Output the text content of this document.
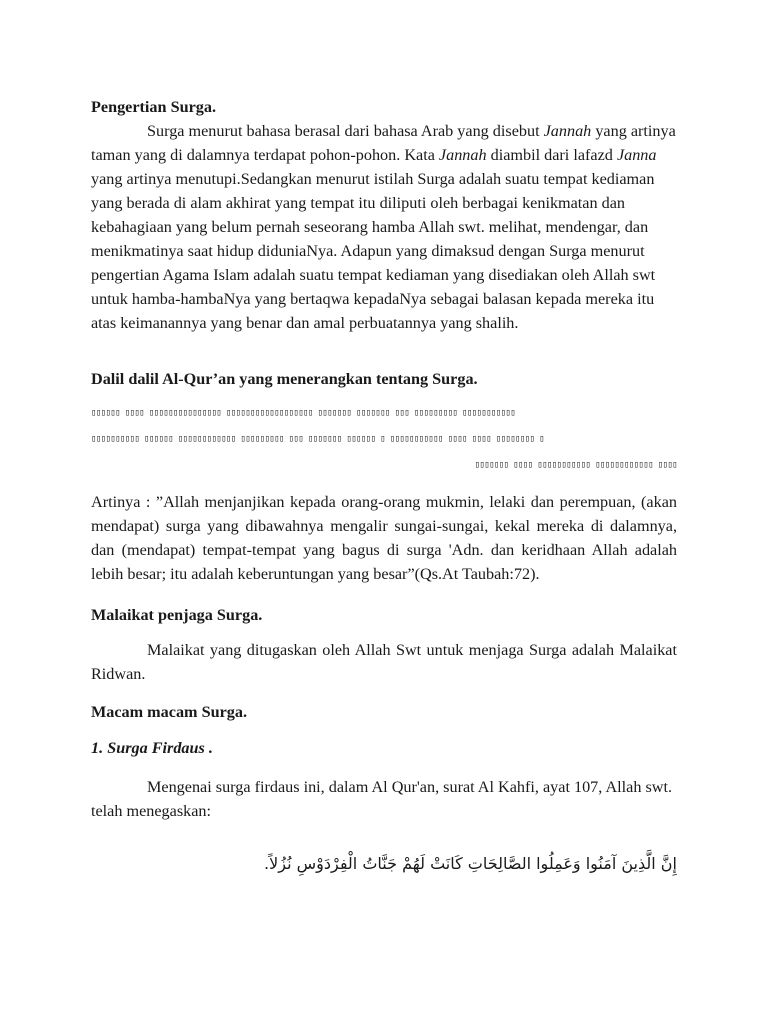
Pengertian Surga.

Surga menurut bahasa berasal dari bahasa Arab yang disebut Jannah yang artinya taman yang di dalamnya terdapat pohon-pohon. Kata Jannah diambil dari lafazd Janna yang artinya menutupi.Sedangkan menurut istilah Surga adalah suatu tempat kediaman yang berada di alam akhirat yang tempat itu diliputi oleh berbagai kenikmatan dan kebahagiaan yang belum pernah seseorang hamba Allah swt. melihat, mendengar, dan menikmatinya saat hidup diduniaNya. Adapun yang dimaksud dengan Surga menurut pengertian Agama Islam adalah suatu tempat kediaman yang disediakan oleh Allah swt untuk hamba-hambaNya yang bertaqwa kepadaNya sebagai balasan kepada mereka itu atas keimanannya yang benar dan amal perbuatannya yang shalih.

Dalil dalil Al-Qur’an yang menerangkan tentang Surga.

▯▯▯▯▯▯ ▯▯▯▯ ▯▯▯▯▯▯▯▯▯▯▯▯▯▯▯ ▯▯▯▯▯▯▯▯▯▯▯▯▯▯▯▯▯▯ ▯▯▯▯▯▯▯ ▯▯▯▯▯▯▯ ▯▯▯ ▯▯▯▯▯▯▯▯▯ ▯▯▯▯▯▯▯▯▯▯▯
▯▯▯▯▯▯▯▯▯▯ ▯▯▯▯▯▯ ▯▯▯▯▯▯▯▯▯▯▯▯ ▯▯▯▯▯▯▯▯▯ ▯▯▯ ▯▯▯▯▯▯▯ ▯▯▯▯▯▯ ▯ ▯▯▯▯▯▯▯▯▯▯▯ ▯▯▯▯ ▯▯▯▯ ▯▯▯▯▯▯▯▯ ▯
▯▯▯▯▯▯▯ ▯▯▯▯ ▯▯▯▯▯▯▯▯▯▯▯ ▯▯▯▯▯▯▯▯▯▯▯▯ ▯▯▯▯

Artinya : ”Allah menjanjikan kepada orang-orang mukmin, lelaki dan perempuan, (akan mendapat) surga yang dibawahnya mengalir sungai-sungai, kekal mereka di dalamnya, dan (mendapat) tempat-tempat yang bagus di surga 'Adn. dan keridhaan Allah adalah lebih besar; itu adalah keberuntungan yang besar”(Qs.At Taubah:72).

Malaikat penjaga Surga.

Malaikat yang ditugaskan oleh Allah Swt untuk menjaga Surga adalah Malaikat Ridwan.

Macam macam Surga.

1. Surga Firdaus .

Mengenai surga firdaus ini, dalam Al Qur'an, surat Al Kahfi, ayat 107, Allah swt. telah menegaskan:

إِنَّ الَّذِينَ آمَنُوا وَعَمِلُوا الصَّالِحَاتِ كَانَتْ لَهُمْ جَنَّاتُ الْفِرْدَوْسِ نُزُلاً.
